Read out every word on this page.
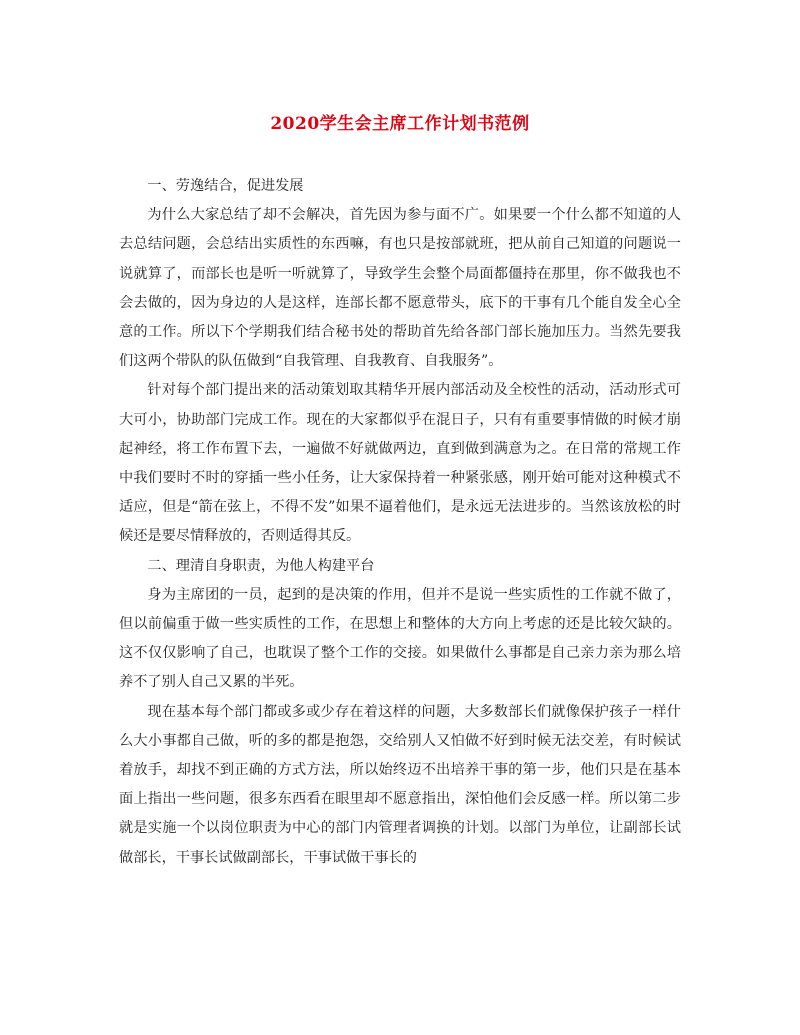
2020学生会主席工作计划书范例

一、劳逸结合，促进发展

为什么大家总结了却不会解决，首先因为参与面不广。如果要一个什么都不知道的人去总结问题，会总结出实质性的东西嘛，有也只是按部就班，把从前自己知道的问题说一说就算了，而部长也是听一听就算了，导致学生会整个局面都僵持在那里，你不做我也不会去做的，因为身边的人是这样，连部长都不愿意带头，底下的干事有几个能自发全心全意的工作。所以下个学期我们结合秘书处的帮助首先给各部门部长施加压力。当然先要我们这两个带队的队伍做到“自我管理、自我教育、自我服务”。

针对每个部门提出来的活动策划取其精华开展内部活动及全校性的活动，活动形式可大可小，协助部门完成工作。现在的大家都似乎在混日子，只有有重要事情做的时候才崩起神经，将工作布置下去，一遍做不好就做两边，直到做到满意为之。在日常的常规工作中我们要时不时的穿插一些小任务，让大家保持着一种紧张感，刚开始可能对这种模式不适应，但是“箭在弦上，不得不发”如果不逼着他们，是永远无法进步的。当然该放松的时候还是要尽情释放的，否则适得其反。

二、理清自身职责，为他人构建平台

身为主席团的一员，起到的是决策的作用，但并不是说一些实质性的工作就不做了，但以前偏重于做一些实质性的工作，在思想上和整体的大方向上考虑的还是比较欠缺的。这不仅仅影响了自己，也耽误了整个工作的交接。如果做什么事都是自己亲力亲为那么培养不了别人自己又累的半死。

现在基本每个部门都或多或少存在着这样的问题，大多数部长们就像保护孩子一样什么大小事都自己做，听的多的都是抱怨，交给别人又怕做不好到时候无法交差，有时候试着放手，却找不到正确的方式方法，所以始终迈不出培养干事的第一步，他们只是在基本面上指出一些问题，很多东西看在眼里却不愿意指出，深怕他们会反感一样。所以第二步就是实施一个以岗位职责为中心的部门内管理者调换的计划。以部门为单位，让副部长试做部长，干事长试做副部长，干事试做干事长的
